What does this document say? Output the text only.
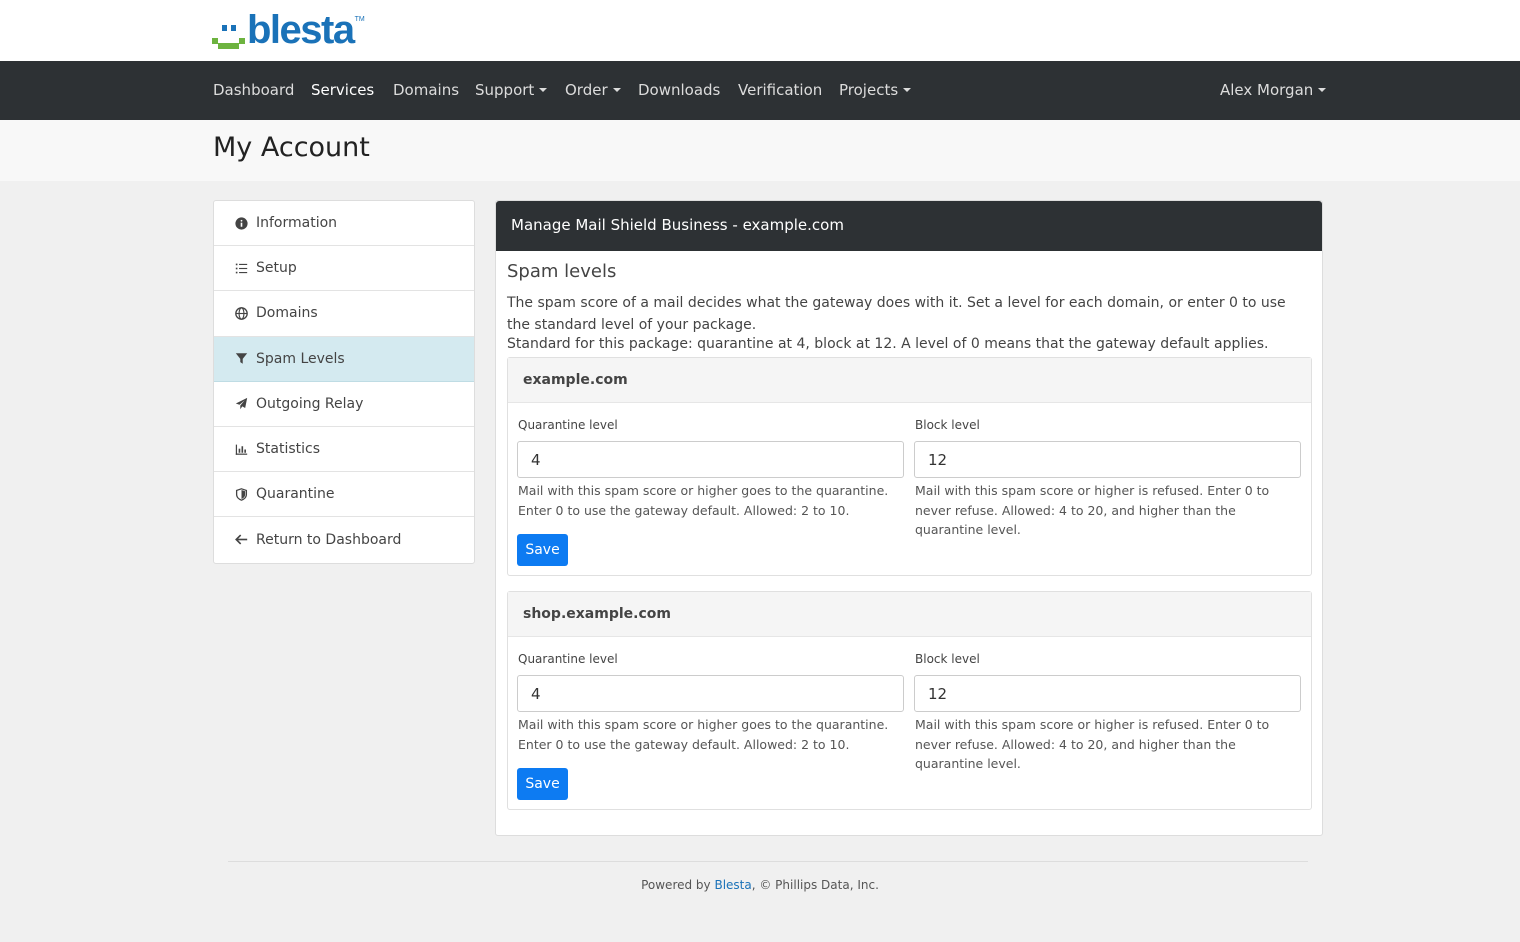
blesta TM
Dashboard Services Domains Support	Order	Downloads Verification Projects	Alex Morgan
My Account
Information
Setup
Domains
Spam Levels
Outgoing Relay
Statistics
Quarantine
Return to Dashboard
Manage Mail Shield Business - example.com
Spam levels

The spam score of a mail decides what the gateway does with it. Set a level for each domain, or enter 0 to use the standard level of your package.

Standard for this package: quarantine at 4, block at 12. A level of 0 means that the gateway default applies.

example.com
Quarantine level
4
Mail with this spam score or higher goes to the quarantine. Enter 0 to use the gateway default. Allowed: 2 to 10.
Block level
12
Mail with this spam score or higher is refused. Enter 0 to never refuse. Allowed: 4 to 20, and higher than the quarantine level.
Save
shop.example.com
Quarantine level
4
Mail with this spam score or higher goes to the quarantine. Enter 0 to use the gateway default. Allowed: 2 to 10.
Block level
12
Mail with this spam score or higher is refused. Enter 0 to never refuse. Allowed: 4 to 20, and higher than the quarantine level.
Save
Powered by Blesta, © Phillips Data, Inc.
